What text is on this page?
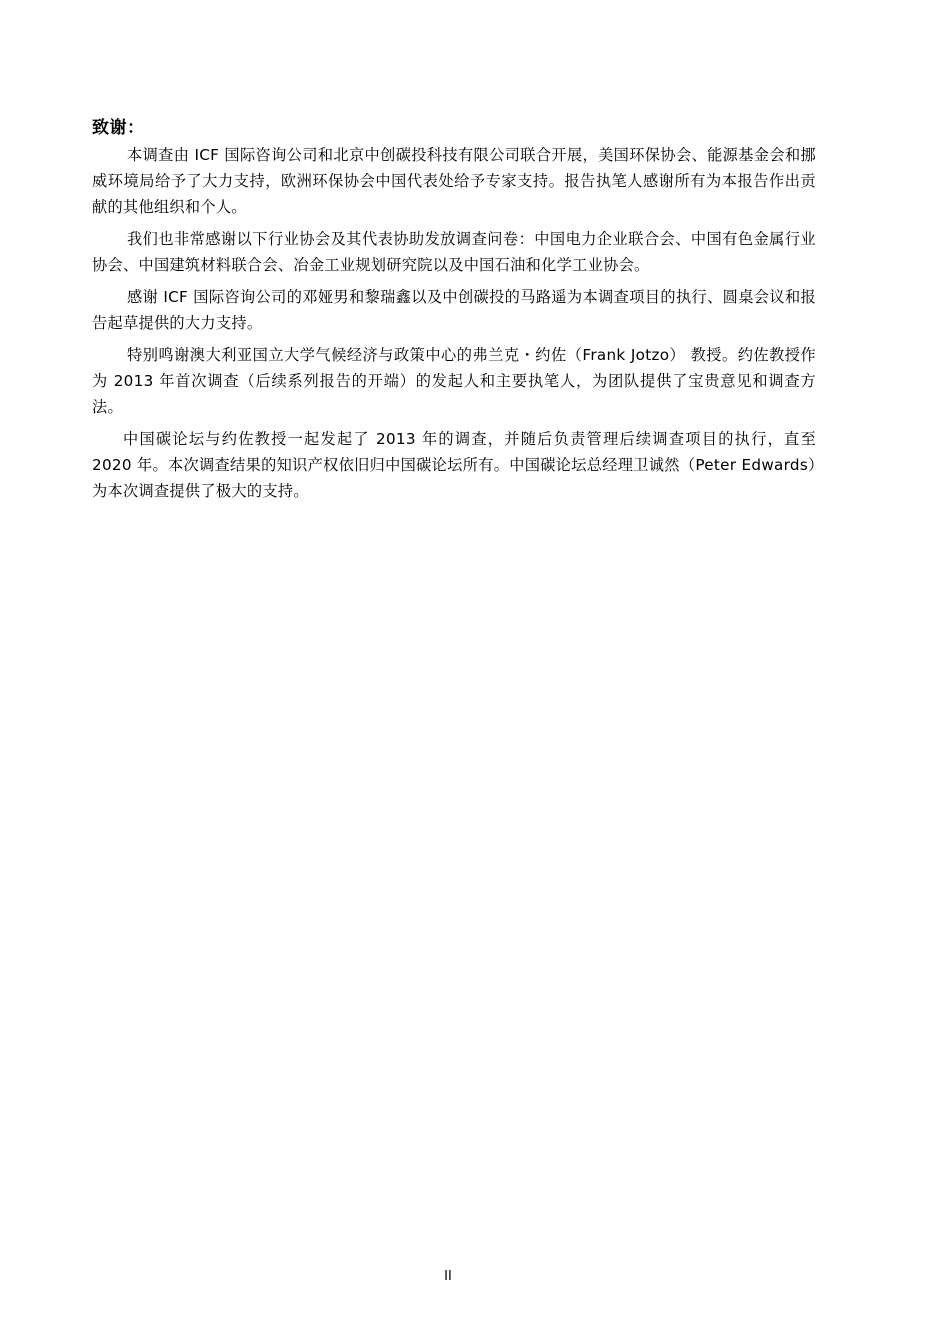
致谢：

本调查由 ICF 国际咨询公司和北京中创碳投科技有限公司联合开展，美国环保协会、能源基金会和挪威环境局给予了大力支持，欧洲环保协会中国代表处给予专家支持。报告执笔人感谢所有为本报告作出贡献的其他组织和个人。

我们也非常感谢以下行业协会及其代表协助发放调查问卷：中国电力企业联合会、中国有色金属行业协会、中国建筑材料联合会、冶金工业规划研究院以及中国石油和化学工业协会。

感谢 ICF 国际咨询公司的邓娅男和黎瑞鑫以及中创碳投的马路遥为本调查项目的执行、圆桌会议和报告起草提供的大力支持。

特别鸣谢澳大利亚国立大学气候经济与政策中心的弗兰克・约佐（Frank Jotzo） 教授。约佐教授作为 2013 年首次调查（后续系列报告的开端）的发起人和主要执笔人，为团队提供了宝贵意见和调查方法。

中国碳论坛与约佐教授一起发起了 2013 年的调查，并随后负责管理后续调查项目的执行，直至 2020 年。本次调查结果的知识产权依旧归中国碳论坛所有。中国碳论坛总经理卫诚然（Peter Edwards）为本次调查提供了极大的支持。

II
